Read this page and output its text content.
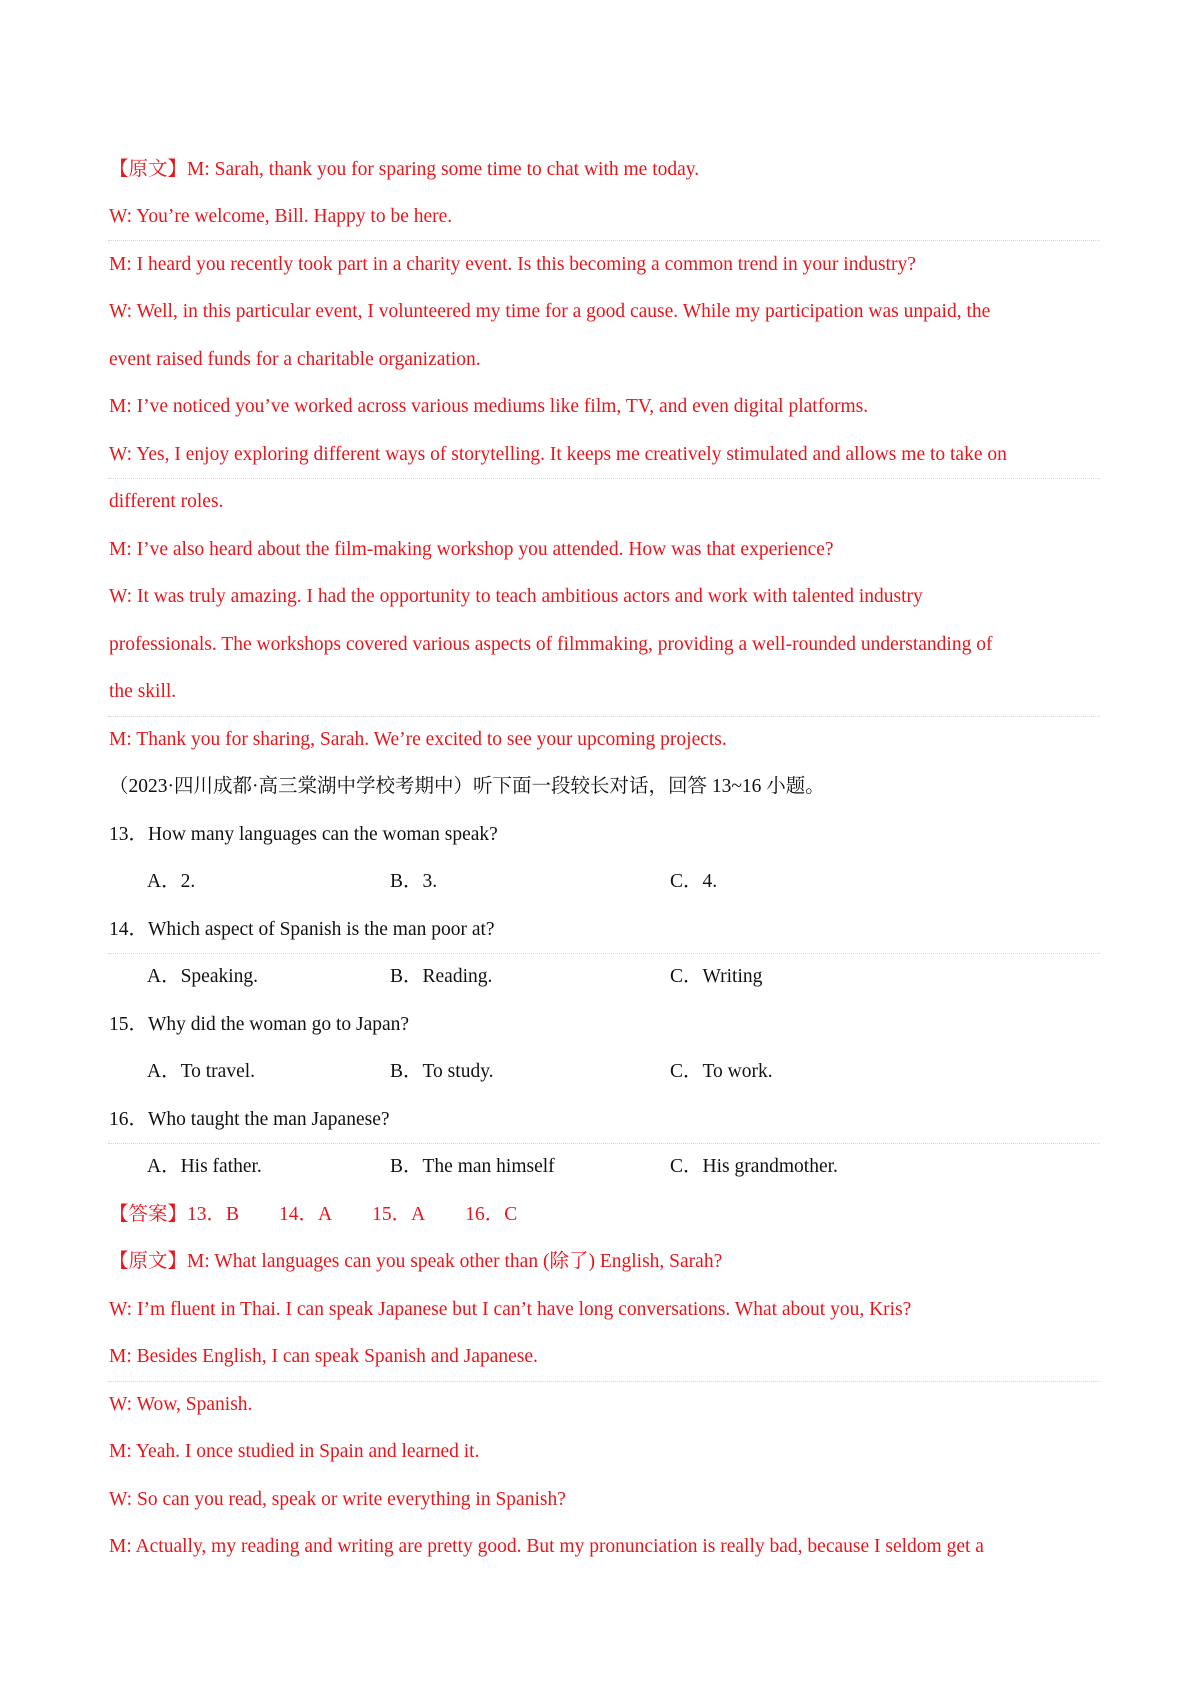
【原文】M: Sarah, thank you for sparing some time to chat with me today.
W: You’re welcome, Bill. Happy to be here.
M: I heard you recently took part in a charity event. Is this becoming a common trend in your industry?
W: Well, in this particular event, I volunteered my time for a good cause. While my participation was unpaid, the
event raised funds for a charitable organization.
M: I’ve noticed you’ve worked across various mediums like film, TV, and even digital platforms.
W: Yes, I enjoy exploring different ways of storytelling. It keeps me creatively stimulated and allows me to take on
different roles.
M: I’ve also heard about the film-making workshop you attended. How was that experience?
W: It was truly amazing. I had the opportunity to teach ambitious actors and work with talented industry
professionals. The workshops covered various aspects of filmmaking, providing a well-rounded understanding of
the skill.
M: Thank you for sharing, Sarah. We’re excited to see your upcoming projects.
（2023·四川成都·高三棠湖中学校考期中）听下面一段较长对话，回答 13~16 小题。
13．How many languages can the woman speak?
A．2.	B．3.	C．4.
14．Which aspect of Spanish is the man poor at?
A．Speaking.	B．Reading.	C．Writing
15．Why did the woman go to Japan?
A．To travel.	B．To study.	C．To work.
16．Who taught the man Japanese?
A．His father.	B．The man himself	C．His grandmother.
【答案】13．B 14．A 15．A 16．C
【原文】M: What languages can you speak other than (除了) English, Sarah?
W: I’m fluent in Thai. I can speak Japanese but I can’t have long conversations. What about you, Kris?
M: Besides English, I can speak Spanish and Japanese.
W: Wow, Spanish.
M: Yeah. I once studied in Spain and learned it.
W: So can you read, speak or write everything in Spanish?
M: Actually, my reading and writing are pretty good. But my pronunciation is really bad, because I seldom get a
